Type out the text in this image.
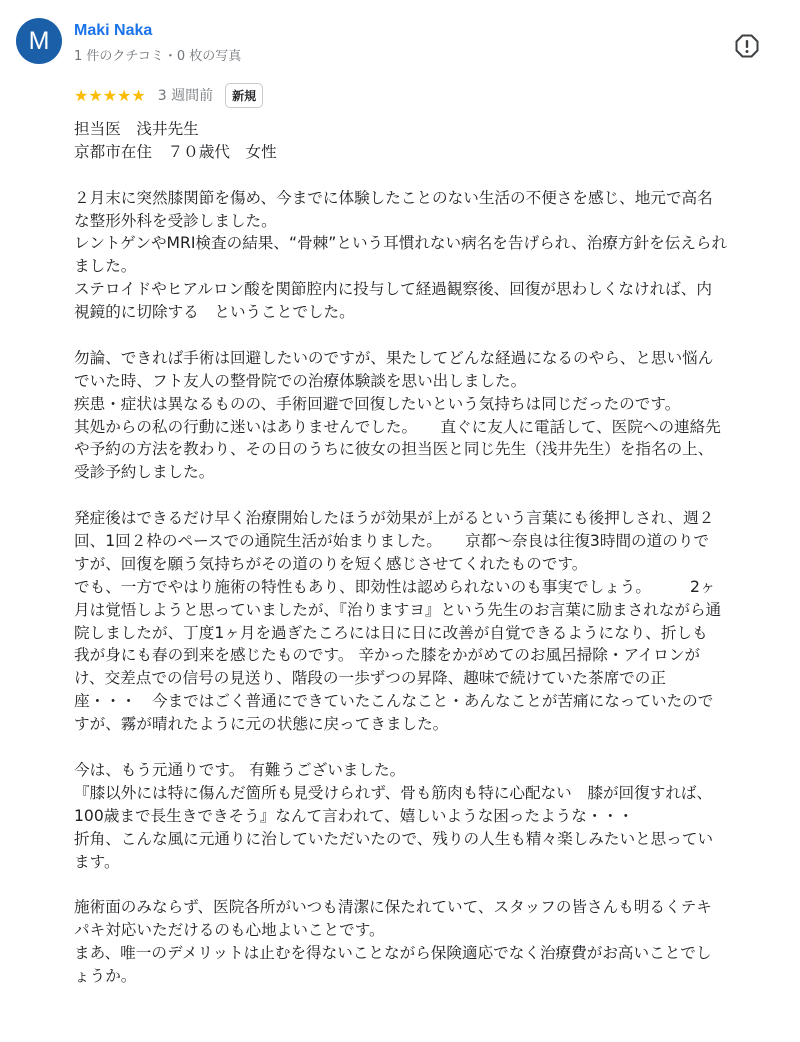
M	Maki Naka
1 件のクチコミ・0 枚の写真
★★★★★ 3 週間前	新規
担当医　浅井先生
京都市在住　７０歳代　女性
２月末に突然膝関節を傷め、今までに体験したことのない生活の不便さを感じ、地元で高名
な整形外科を受診しました。
レントゲンやMRI検査の結果、“骨棘”という耳慣れない病名を告げられ、治療方針を伝えられ
ました。
ステロイドやヒアルロン酸を関節腔内に投与して経過観察後、回復が思わしくなければ、内
視鏡的に切除する　ということでした。
勿論、できれば手術は回避したいのですが、果たしてどんな経過になるのやら、と思い悩ん
でいた時、フト友人の整骨院での治療体験談を思い出しました。
疾患・症状は異なるものの、手術回避で回復したいという気持ちは同じだったのです。
其処からの私の行動に迷いはありませんでした。　　直ぐに友人に電話して、医院への連絡先
や予約の方法を教わり、その日のうちに彼女の担当医と同じ先生（浅井先生）を指名の上、
受診予約しました。
発症後はできるだけ早く治療開始したほうが効果が上がるという言葉にも後押しされ、週２
回、1回２枠のペースでの通院生活が始まりました。　　京都〜奈良は往復3時間の道のりで
すが、回復を願う気持ちがその道のりを短く感じさせてくれたものです。
でも、一方でやはり施術の特性もあり、即効性は認められないのも事実でしょう。　　　2ヶ
月は覚悟しようと思っていましたが、『治りますヨ』という先生のお言葉に励まされながら通
院しましたが、丁度1ヶ月を過ぎたころには日に日に改善が自覚できるようになり、折しも
我が身にも春の到来を感じたものです。 辛かった膝をかがめてのお風呂掃除・アイロンが
け、交差点での信号の見送り、階段の一歩ずつの昇降、趣味で続けていた茶席での正
座・・・　今まではごく普通にできていたこんなこと・あんなことが苦痛になっていたので
すが、霧が晴れたように元の状態に戻ってきました。
今は、もう元通りです。 有難うございました。
『膝以外には特に傷んだ箇所も見受けられず、骨も筋肉も特に心配ない　膝が回復すれば、
100歳まで長生きできそう』なんて言われて、嬉しいような困ったような・・・
折角、こんな風に元通りに治していただいたので、残りの人生も精々楽しみたいと思ってい
ます。
施術面のみならず、医院各所がいつも清潔に保たれていて、スタッフの皆さんも明るくテキ
パキ対応いただけるのも心地よいことです。
まあ、唯一のデメリットは止むを得ないことながら保険適応でなく治療費がお高いことでし
ょうか。
